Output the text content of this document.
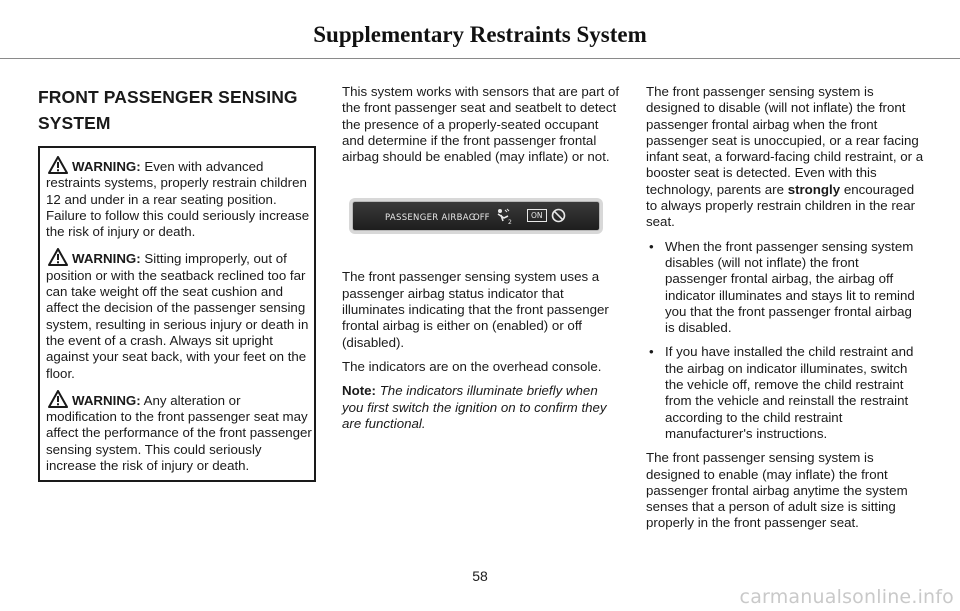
Supplementary Restraints System
FRONT PASSENGER SENSING SYSTEM

WARNING: Even with advanced restraints systems, properly restrain children 12 and under in a rear seating position. Failure to follow this could seriously increase the risk of injury or death.

WARNING: Sitting improperly, out of position or with the seatback reclined too far can take weight off the seat cushion and affect the decision of the passenger sensing system, resulting in serious injury or death in the event of a crash. Always sit upright against your seat back, with your feet on the floor.

WARNING: Any alteration or modification to the front passenger seat may affect the performance of the front passenger sensing system. This could seriously increase the risk of injury or death.

This system works with sensors that are part of the front passenger seat and seatbelt to detect the presence of a properly-seated occupant and determine if the front passenger frontal airbag should be enabled (may inflate) or not.

PASSENGER AIRBAG
OFF	2
ON

The front passenger sensing system uses a passenger airbag status indicator that illuminates indicating that the front passenger frontal airbag is either on (enabled) or off (disabled).

The indicators are on the overhead console.

Note: The indicators illuminate briefly when you first switch the ignition on to confirm they are functional.

The front passenger sensing system is designed to disable (will not inflate) the front passenger frontal airbag when the front passenger seat is unoccupied, or a rear facing infant seat, a forward-facing child restraint, or a booster seat is detected. Even with this technology, parents are strongly encouraged to always properly restrain children in the rear seat.

• When the front passenger sensing system disables (will not inflate) the front passenger frontal airbag, the airbag off indicator illuminates and stays lit to remind you that the front passenger frontal airbag is disabled.
• If you have installed the child restraint and the airbag on indicator illuminates, switch the vehicle off, remove the child restraint from the vehicle and reinstall the restraint according to the child restraint manufacturer's instructions.

The front passenger sensing system is designed to enable (may inflate) the front passenger frontal airbag anytime the system senses that a person of adult size is sitting properly in the front passenger seat.

58
carmanualsonline.info
